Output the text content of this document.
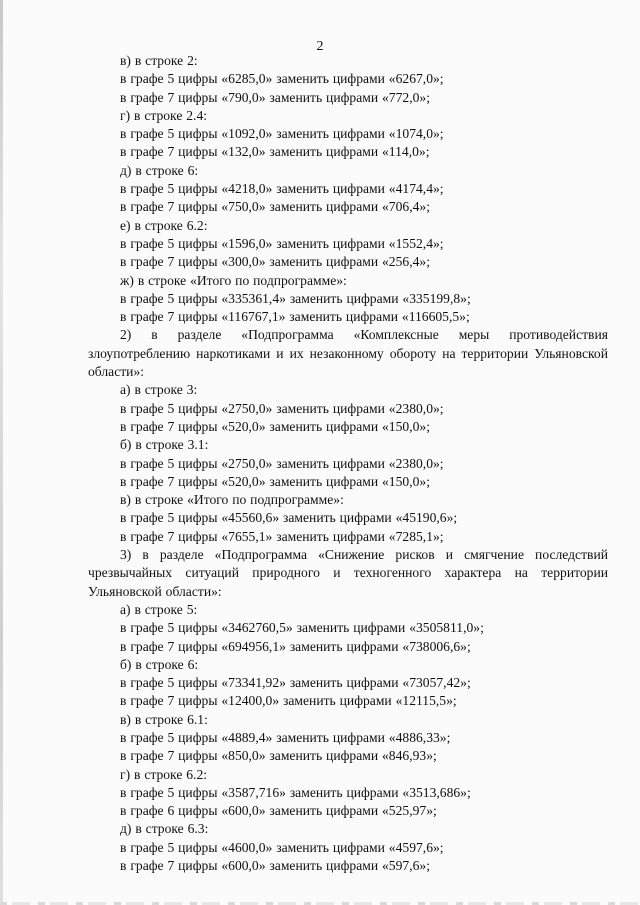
2
в) в строке 2:
в графе 5 цифры «6285,0» заменить цифрами «6267,0»;
в графе 7 цифры «790,0» заменить цифрами «772,0»;
г) в строке 2.4:
в графе 5 цифры «1092,0» заменить цифрами «1074,0»;
в графе 7 цифры «132,0» заменить цифрами «114,0»;
д) в строке 6:
в графе 5 цифры «4218,0» заменить цифрами «4174,4»;
в графе 7 цифры «750,0» заменить цифрами «706,4»;
е) в строке 6.2:
в графе 5 цифры «1596,0» заменить цифрами «1552,4»;
в графе 7 цифры «300,0» заменить цифрами «256,4»;
ж) в строке «Итого по подпрограмме»:
в графе 5 цифры «335361,4» заменить цифрами «335199,8»;
в графе 7 цифры «116767,1» заменить цифрами «116605,5»;
2) в разделе «Подпрограмма «Комплексные меры противодействия злоупотреблению наркотиками и их незаконному обороту на территории Ульяновской области»:
а) в строке 3:
в графе 5 цифры «2750,0» заменить цифрами «2380,0»;
в графе 7 цифры «520,0» заменить цифрами «150,0»;
б) в строке 3.1:
в графе 5 цифры «2750,0» заменить цифрами «2380,0»;
в графе 7 цифры «520,0» заменить цифрами «150,0»;
в) в строке «Итого по подпрограмме»:
в графе 5 цифры «45560,6» заменить цифрами «45190,6»;
в графе 7 цифры «7655,1» заменить цифрами «7285,1»;
3) в разделе «Подпрограмма «Снижение рисков и смягчение последствий чрезвычайных ситуаций природного и техногенного характера на территории Ульяновской области»:
а) в строке 5:
в графе 5 цифры «3462760,5» заменить цифрами «3505811,0»;
в графе 7 цифры «694956,1» заменить цифрами «738006,6»;
б) в строке 6:
в графе 5 цифры «73341,92» заменить цифрами «73057,42»;
в графе 7 цифры «12400,0» заменить цифрами «12115,5»;
в) в строке 6.1:
в графе 5 цифры «4889,4» заменить цифрами «4886,33»;
в графе 7 цифры «850,0» заменить цифрами «846,93»;
г) в строке 6.2:
в графе 5 цифры «3587,716» заменить цифрами «3513,686»;
в графе 6 цифры «600,0» заменить цифрами «525,97»;
д) в строке 6.3:
в графе 5 цифры «4600,0» заменить цифрами «4597,6»;
в графе 7 цифры «600,0» заменить цифрами «597,6»;
